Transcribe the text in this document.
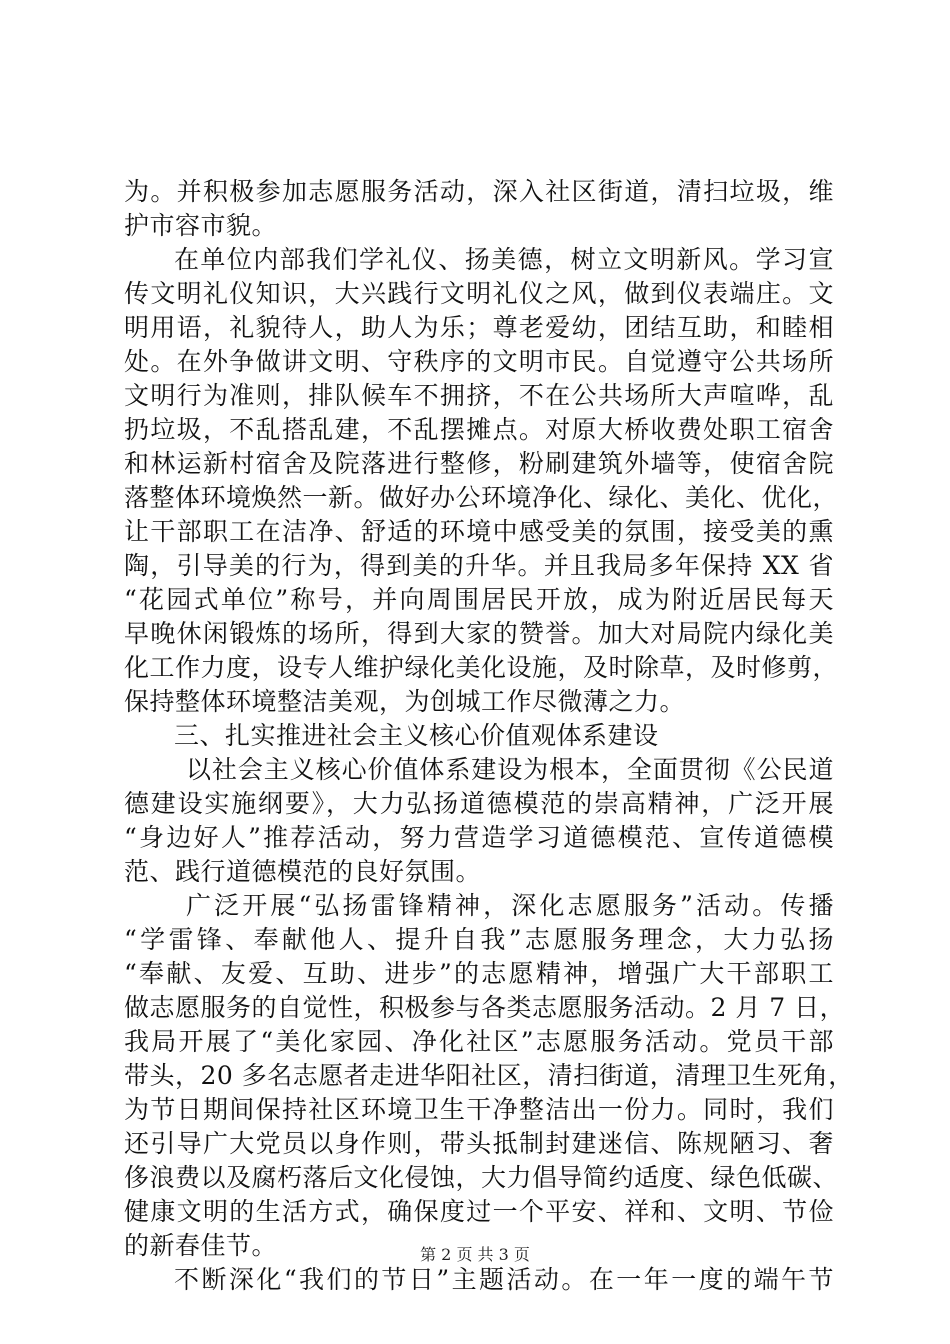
为。并积极参加志愿服务活动，深入社区街道，清扫垃圾，维
护市容市貌。
在单位内部我们学礼仪、扬美德，树立文明新风。学习宣
传文明礼仪知识，大兴践行文明礼仪之风，做到仪表端庄。文
明用语，礼貌待人，助人为乐；尊老爱幼，团结互助，和睦相
处。在外争做讲文明、守秩序的文明市民。自觉遵守公共场所
文明行为准则，排队候车不拥挤，不在公共场所大声喧哗，乱
扔垃圾，不乱搭乱建，不乱摆摊点。对原大桥收费处职工宿舍
和林运新村宿舍及院落进行整修，粉刷建筑外墙等，使宿舍院
落整体环境焕然一新。做好办公环境净化、绿化、美化、优化，
让干部职工在洁净、舒适的环境中感受美的氛围，接受美的熏
陶，引导美的行为，得到美的升华。并且我局多年保持 XX 省
“花园式单位”称号，并向周围居民开放，成为附近居民每天
早晚休闲锻炼的场所，得到大家的赞誉。加大对局院内绿化美
化工作力度，设专人维护绿化美化设施，及时除草，及时修剪，
保持整体环境整洁美观，为创城工作尽微薄之力。
三、扎实推进社会主义核心价值观体系建设
以社会主义核心价值体系建设为根本，全面贯彻《公民道
德建设实施纲要》，大力弘扬道德模范的崇高精神，广泛开展
“身边好人”推荐活动，努力营造学习道德模范、宣传道德模
范、践行道德模范的良好氛围。
广泛开展“弘扬雷锋精神，深化志愿服务”活动。传播
“学雷锋、奉献他人、提升自我”志愿服务理念，大力弘扬
“奉献、友爱、互助、进步”的志愿精神，增强广大干部职工
做志愿服务的自觉性，积极参与各类志愿服务活动。2 月 7 日，
我局开展了“美化家园、净化社区”志愿服务活动。党员干部
带头，20 多名志愿者走进华阳社区，清扫街道，清理卫生死角，
为节日期间保持社区环境卫生干净整洁出一份力。同时，我们
还引导广大党员以身作则，带头抵制封建迷信、陈规陋习、奢
侈浪费以及腐朽落后文化侵蚀，大力倡导简约适度、绿色低碳、
健康文明的生活方式，确保度过一个平安、祥和、文明、节俭
的新春佳节。
不断深化“我们的节日”主题活动。在一年一度的端午节
第 2 页 共 3 页
